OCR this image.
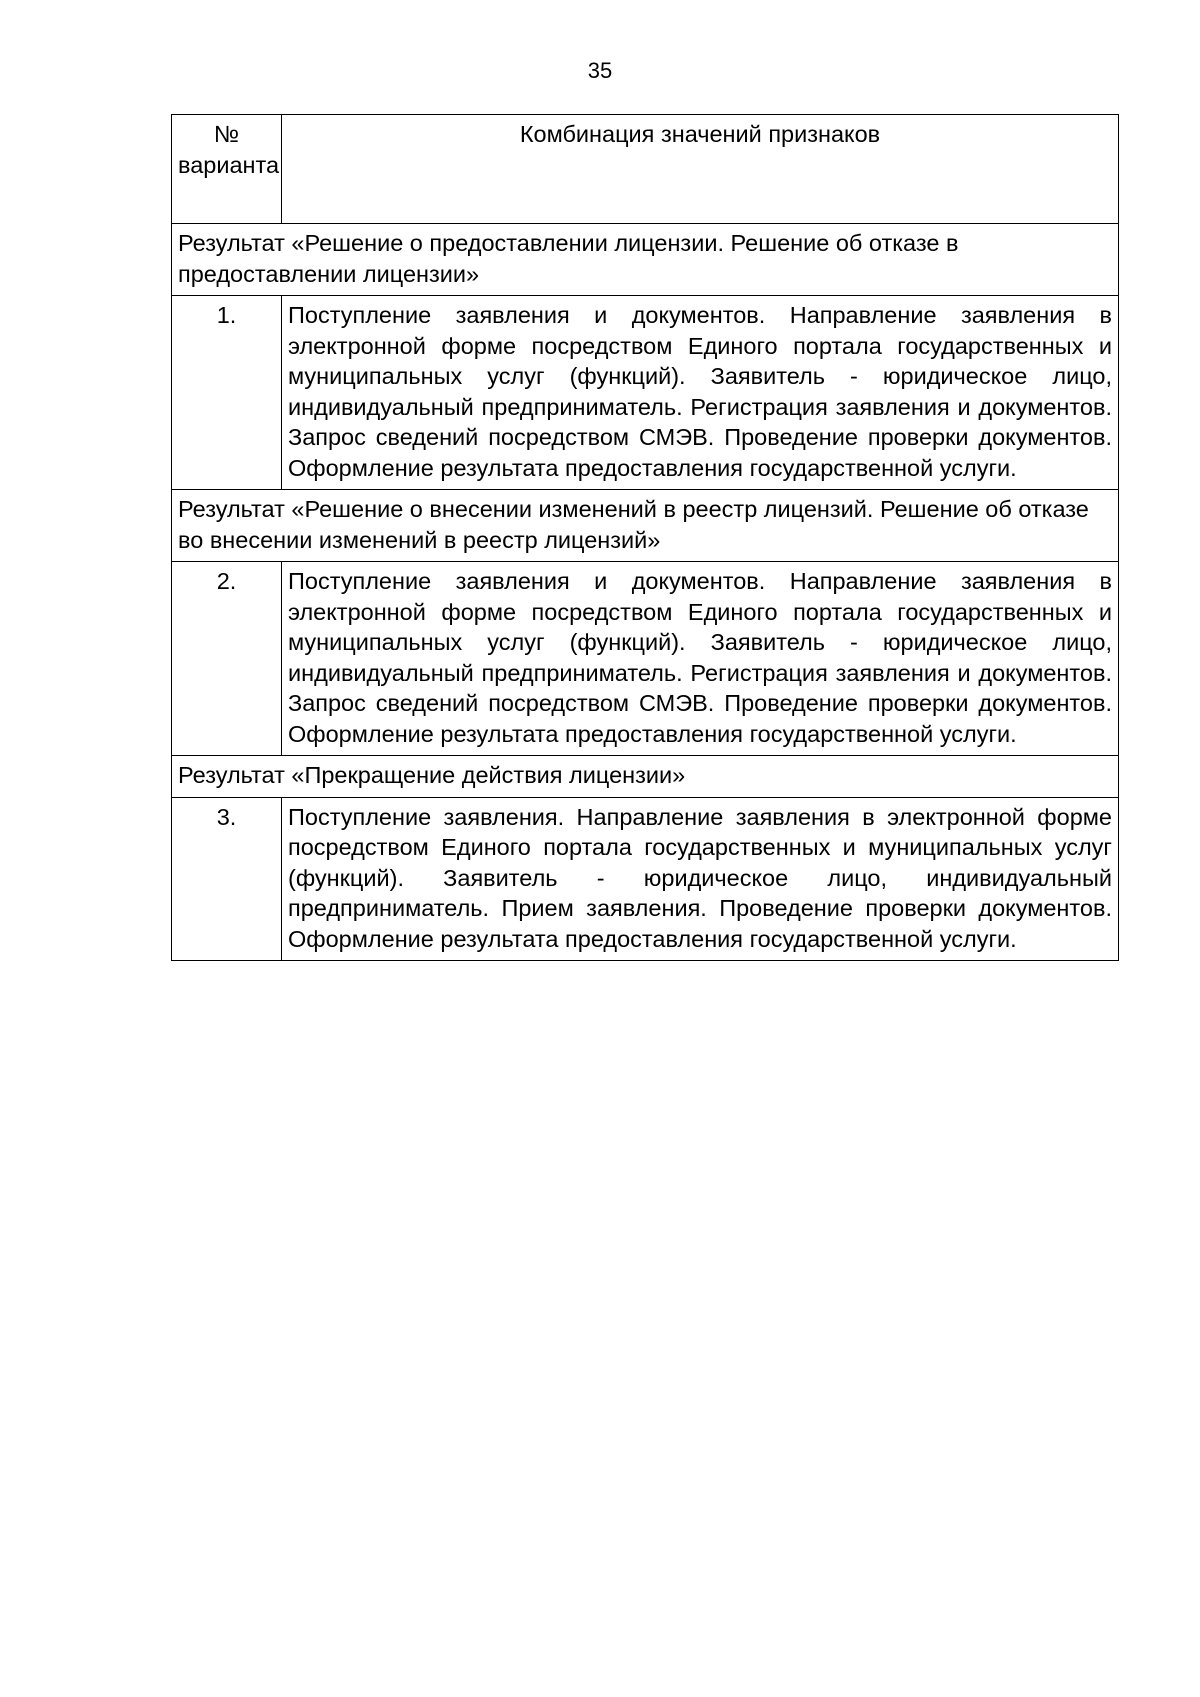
35
№ варианта	Комбинация значений признаков
Результат «Решение о предоставлении лицензии. Решение об отказе в предоставлении лицензии»	
1.	Поступление заявления и документов. Направление заявления в электронной форме посредством Единого портала государственных и муниципальных услуг (функций). Заявитель - юридическое лицо, индивидуальный предприниматель. Регистрация заявления и документов. Запрос сведений посредством СМЭВ. Проведение проверки документов. Оформление результата предоставления государственной услуги.
Результат «Решение о внесении изменений в реестр лицензий. Решение об отказе во внесении изменений в реестр лицензий»	
2.	Поступление заявления и документов. Направление заявления в электронной форме посредством Единого портала государственных и муниципальных услуг (функций). Заявитель - юридическое лицо, индивидуальный предприниматель. Регистрация заявления и документов. Запрос сведений посредством СМЭВ. Проведение проверки документов. Оформление результата предоставления государственной услуги.
Результат «Прекращение действия лицензии»	
3.	Поступление заявления. Направление заявления в электронной форме посредством Единого портала государственных и муниципальных услуг (функций). Заявитель - юридическое лицо, индивидуальный предприниматель. Прием заявления. Проведение проверки документов. Оформление результата предоставления государственной услуги.
